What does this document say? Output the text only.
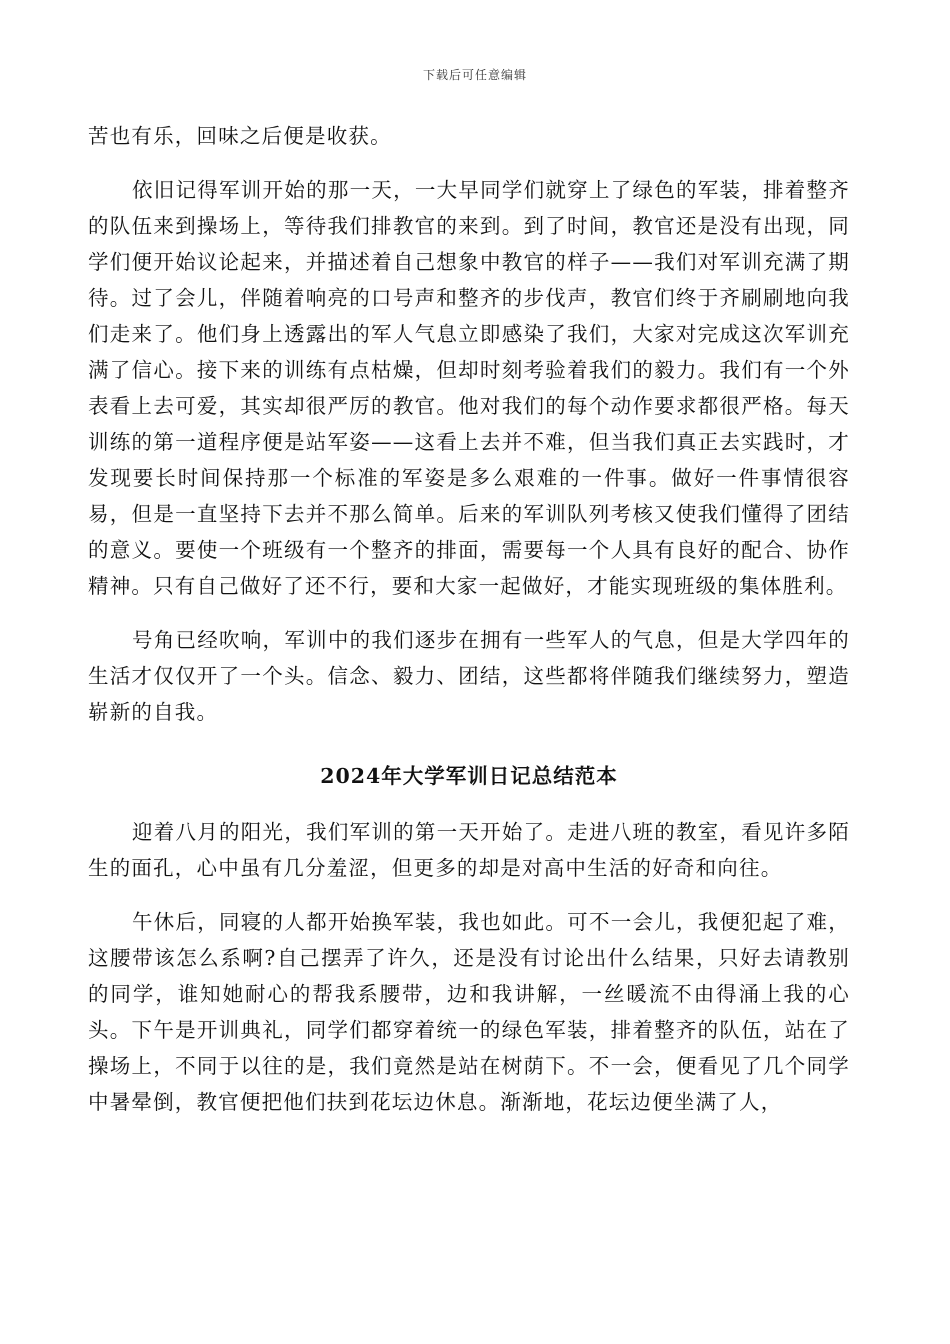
下载后可任意编辑

苦也有乐，回味之后便是收获。

依旧记得军训开始的那一天，一大早同学们就穿上了绿色的军装，排着整齐的队伍来到操场上，等待我们排教官的来到。到了时间，教官还是没有出现，同学们便开始议论起来，并描述着自己想象中教官的样子——我们对军训充满了期待。过了会儿，伴随着响亮的口号声和整齐的步伐声，教官们终于齐刷刷地向我们走来了。他们身上透露出的军人气息立即感染了我们，大家对完成这次军训充满了信心。接下来的训练有点枯燥，但却时刻考验着我们的毅力。我们有一个外表看上去可爱，其实却很严厉的教官。他对我们的每个动作要求都很严格。每天训练的第一道程序便是站军姿——这看上去并不难，但当我们真正去实践时，才发现要长时间保持那一个标准的军姿是多么艰难的一件事。做好一件事情很容易，但是一直坚持下去并不那么简单。后来的军训队列考核又使我们懂得了团结的意义。要使一个班级有一个整齐的排面，需要每一个人具有良好的配合、协作精神。只有自己做好了还不行，要和大家一起做好，才能实现班级的集体胜利。

号角已经吹响，军训中的我们逐步在拥有一些军人的气息，但是大学四年的生活才仅仅开了一个头。信念、毅力、团结，这些都将伴随我们继续努力，塑造崭新的自我。

2024年大学军训日记总结范本

迎着八月的阳光，我们军训的第一天开始了。走进八班的教室，看见许多陌生的面孔，心中虽有几分羞涩，但更多的却是对高中生活的好奇和向往。

午休后，同寝的人都开始换军装，我也如此。可不一会儿，我便犯起了难，这腰带该怎么系啊?自己摆弄了许久，还是没有讨论出什么结果，只好去请教别的同学，谁知她耐心的帮我系腰带，边和我讲解，一丝暖流不由得涌上我的心头。下午是开训典礼，同学们都穿着统一的绿色军装，排着整齐的队伍，站在了操场上，不同于以往的是，我们竟然是站在树荫下。不一会，便看见了几个同学中暑晕倒，教官便把他们扶到花坛边休息。渐渐地，花坛边便坐满了人，
